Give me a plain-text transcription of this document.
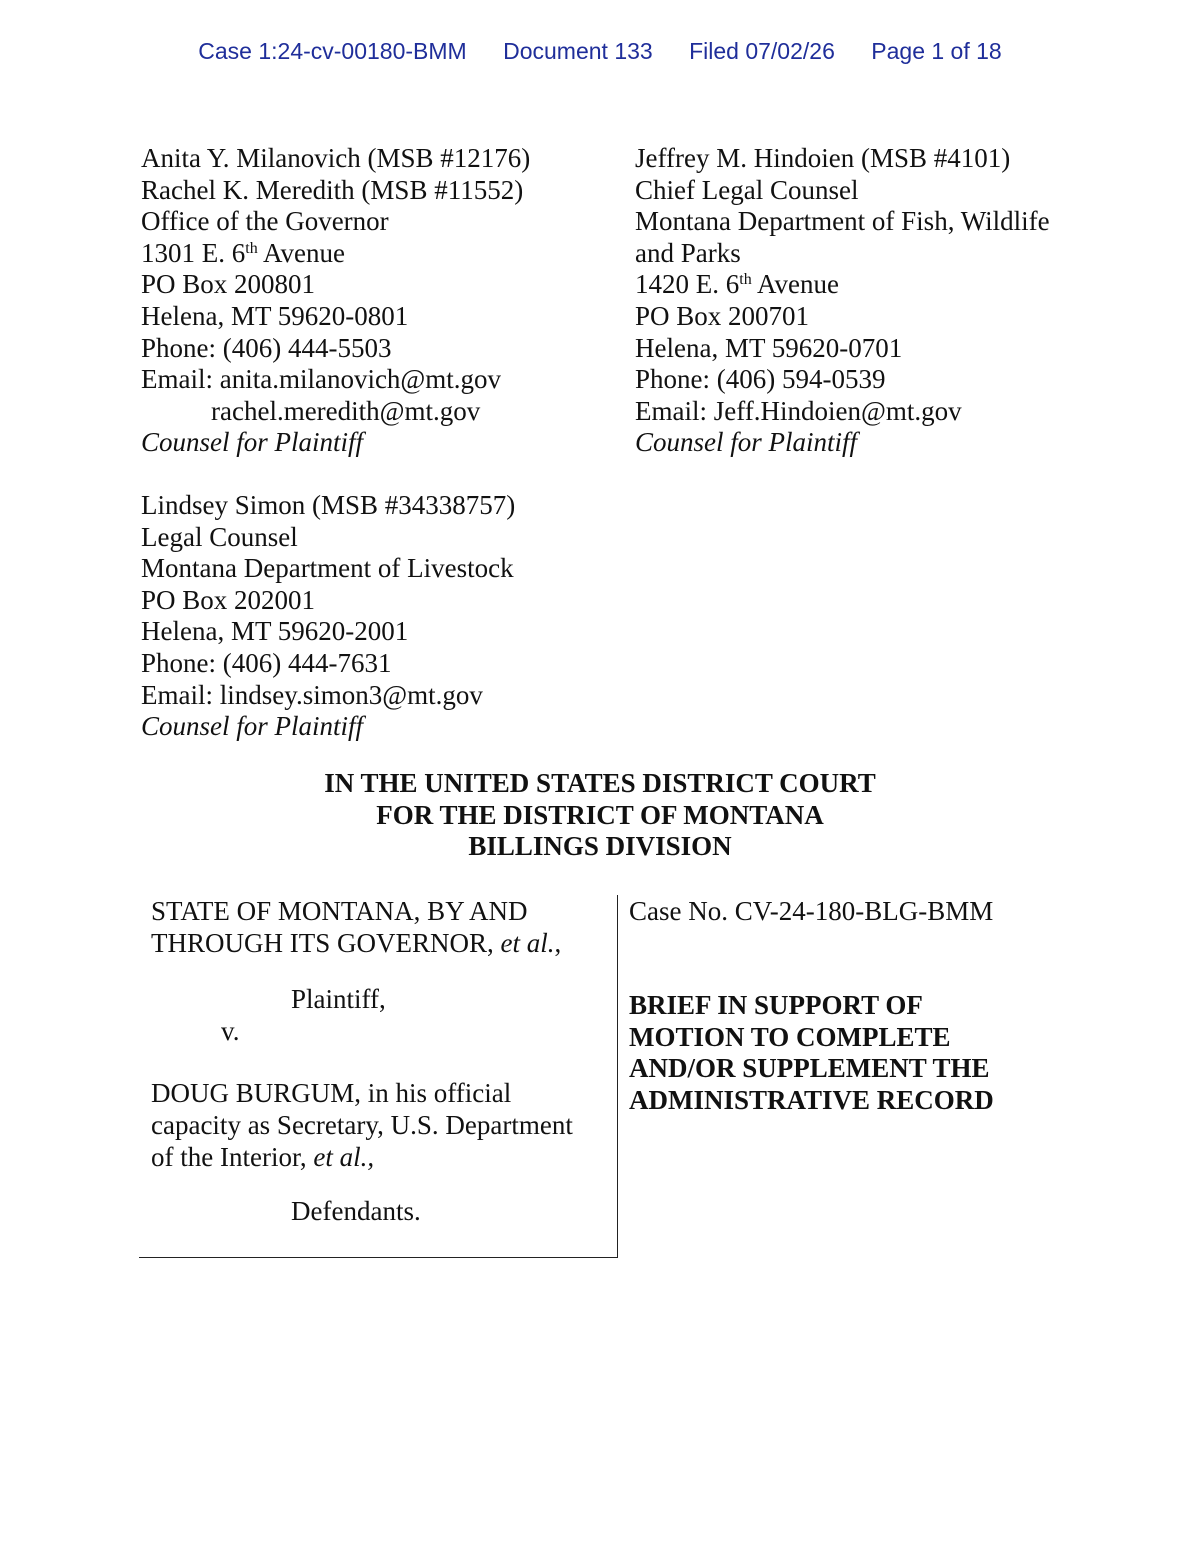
Case 1:24-cv-00180-BMM Document 133 Filed 07/02/26 Page 1 of 18
Anita Y. Milanovich (MSB #12176)
Rachel K. Meredith (MSB #11552)
Office of the Governor
1301 E. 6th Avenue
PO Box 200801
Helena, MT 59620-0801
Phone: (406) 444-5503
Email: anita.milanovich@mt.gov
rachel.meredith@mt.gov
Counsel for Plaintiff
Jeffrey M. Hindoien (MSB #4101)
Chief Legal Counsel
Montana Department of Fish, Wildlife
and Parks
1420 E. 6th Avenue
PO Box 200701
Helena, MT 59620-0701
Phone: (406) 594-0539
Email: Jeff.Hindoien@mt.gov
Counsel for Plaintiff
Lindsey Simon (MSB #34338757)
Legal Counsel
Montana Department of Livestock
PO Box 202001
Helena, MT 59620-2001
Phone: (406) 444-7631
Email: lindsey.simon3@mt.gov
Counsel for Plaintiff
IN THE UNITED STATES DISTRICT COURT
FOR THE DISTRICT OF MONTANA
BILLINGS DIVISION
STATE OF MONTANA, BY AND
THROUGH ITS GOVERNOR, et al.,
Plaintiff,
v.
DOUG BURGUM, in his official
capacity as Secretary, U.S. Department
of the Interior, et al.,
Defendants.
Case No. CV-24-180-BLG-BMM
BRIEF IN SUPPORT OF
MOTION TO COMPLETE
AND/OR SUPPLEMENT THE
ADMINISTRATIVE RECORD
